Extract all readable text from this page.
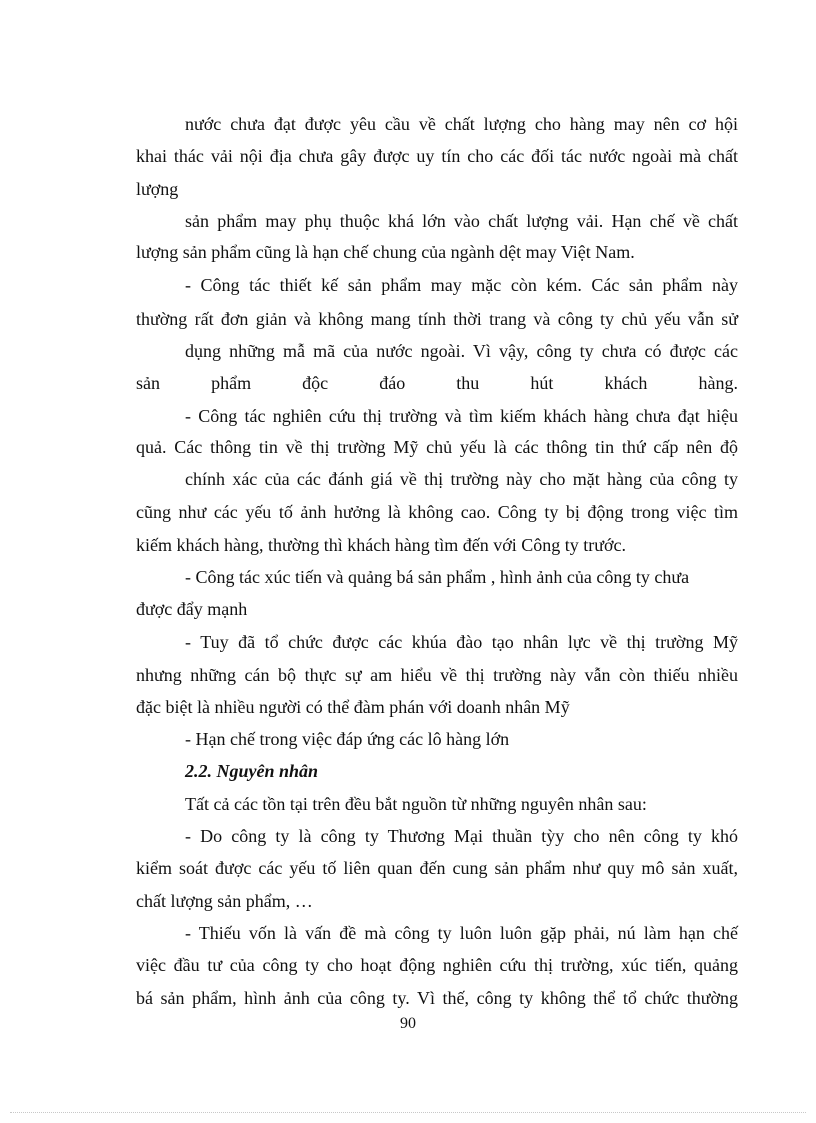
nước chưa đạt được yêu cầu về chất lượng cho hàng may nên cơ hội
khai thác vải nội địa chưa gây được uy tín cho các đối tác nước ngoài mà chất
lượng
sản phẩm may phụ thuộc khá lớn vào chất lượng vải. Hạn chế về chất
lượng sản phẩm cũng là hạn chế chung của ngành dệt may Việt Nam.
- Công tác thiết kế sản phẩm may mặc còn kém. Các sản phẩm này
thường rất đơn giản và không mang tính thời trang và công ty chủ yếu vẫn sử
dụng những mẫ mã của nước ngoài. Vì vậy, công ty chưa có được các
sản phẩm độc đáo thu hút khách hàng.
- Công tác nghiên cứu thị trường và tìm kiếm khách hàng chưa đạt hiệu
quả. Các thông tin về thị trường Mỹ chủ yếu là các thông tin thứ cấp nên độ
chính xác của các đánh giá về thị trường này cho mặt hàng của công ty
cũng như các yếu tố ảnh hưởng là không cao. Công ty bị động trong việc tìm
kiếm khách hàng, thường thì khách hàng tìm đến với Công ty trước.
- Công tác xúc tiến và quảng bá sản phẩm , hình ảnh của công ty chưa
được đẩy mạnh
- Tuy đã tổ chức được các khúa đào tạo nhân lực về thị trường Mỹ
nhưng những cán bộ thực sự am hiểu về thị trường này vẫn còn thiếu nhiều
đặc biệt là nhiều người có thể đàm phán với doanh nhân Mỹ
- Hạn chế trong việc đáp ứng các lô hàng lớn
2.2. Nguyên nhân
Tất cả các tồn tại trên đều bắt nguồn từ những nguyên nhân sau:
- Do công ty là công ty Thương Mại thuần tỳy cho nên công ty khó
kiểm soát được các yếu tố liên quan đến cung sản phẩm như quy mô sản xuất,
chất lượng sản phẩm, …
- Thiếu vốn là vấn đề mà công ty luôn luôn gặp phải, nú làm hạn chế
việc đầu tư của công ty cho hoạt động nghiên cứu thị trường, xúc tiến, quảng
bá sản phẩm, hình ảnh của công ty. Vì thế, công ty không thể tổ chức thường
90
